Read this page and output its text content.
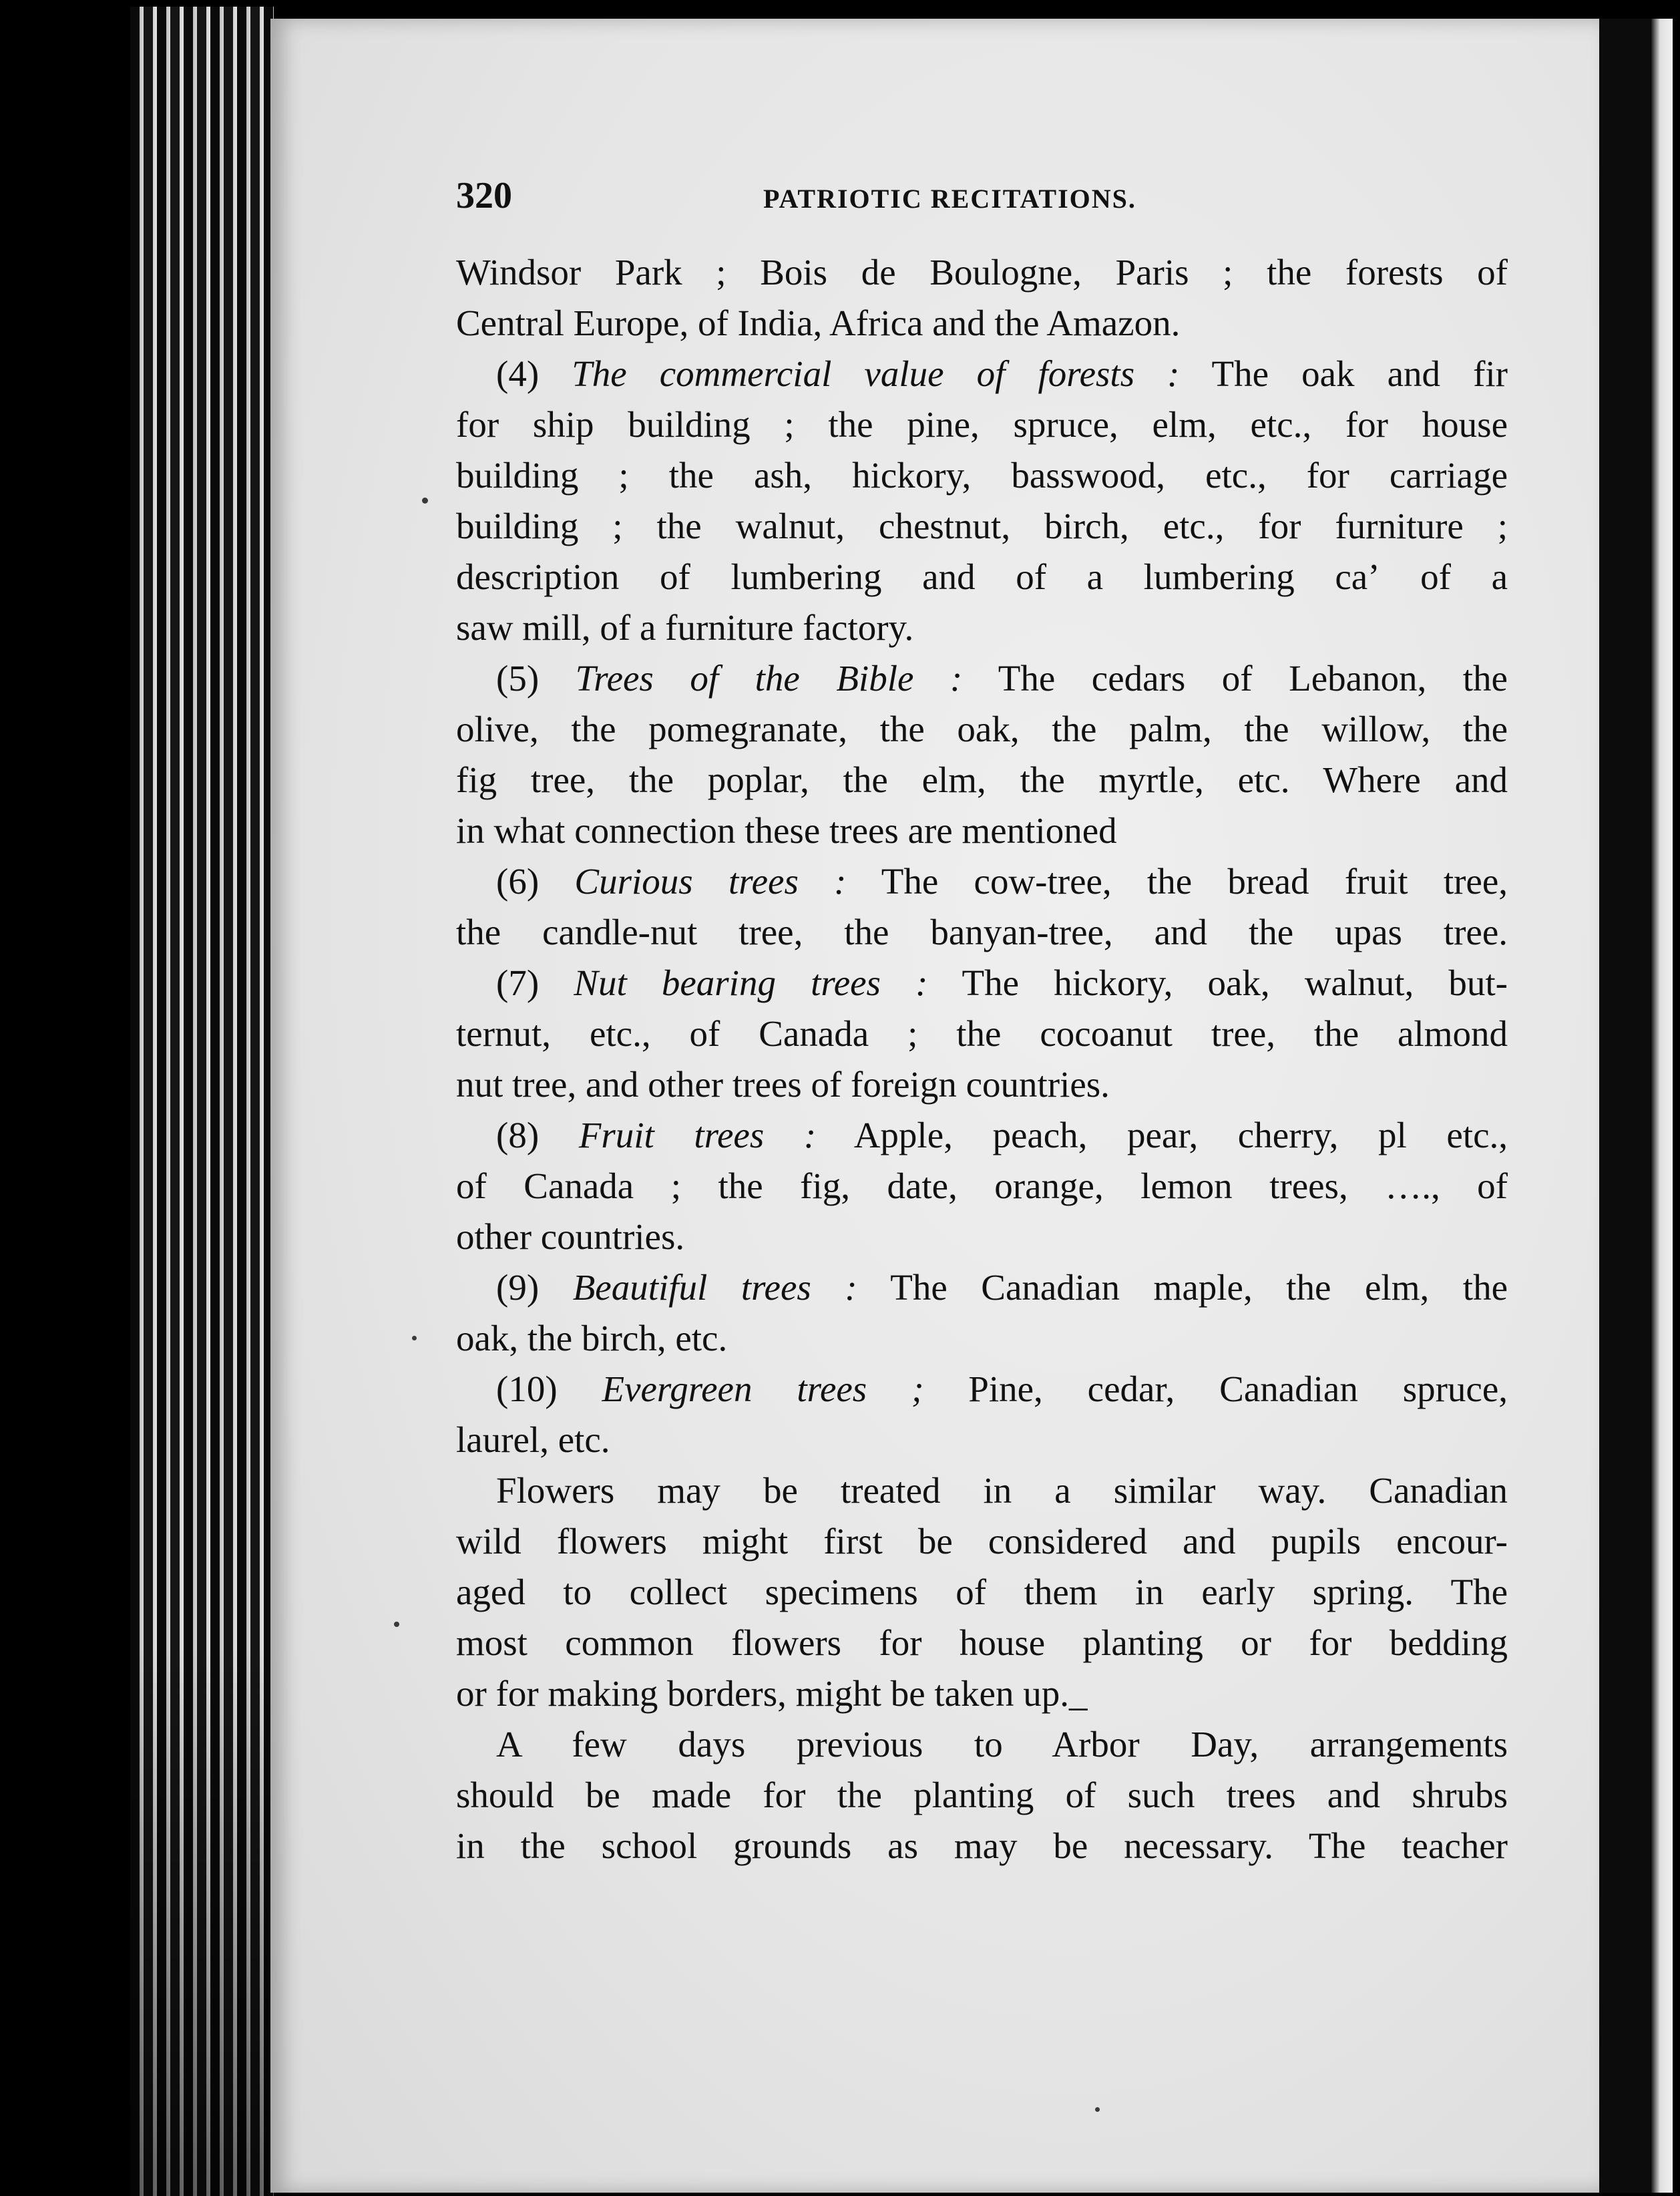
320	PATRIOTIC RECITATIONS.
Windsor Park ; Bois de Boulogne, Paris ; the forests of
Central Europe, of India, Africa and the Amazon.
(4) The commercial value of forests : The oak and fir
for ship building ; the pine, spruce, elm, etc., for house
building ; the ash, hickory, basswood, etc., for carriage
building ; the walnut, chestnut, birch, etc., for furniture ;
description of lumbering and of a lumbering caʼ of a
saw mill, of a furniture factory.
(5) Trees of the Bible : The cedars of Lebanon, the
olive, the pomegranate, the oak, the palm, the willow, the
fig tree, the poplar, the elm, the myrtle, etc. Where and
in what connection these trees are mentioned
(6) Curious trees : The cow-tree, the bread fruit tree,
the candle-nut tree, the banyan-tree, and the upas tree.
(7) Nut bearing trees : The hickory, oak, walnut, but-
ternut, etc., of Canada ; the cocoanut tree, the almond
nut tree, and other trees of foreign countries.
(8) Fruit trees : Apple, peach, pear, cherry, pl etc.,
of Canada ; the fig, date, orange, lemon trees, …., of
other countries.
(9) Beautiful trees : The Canadian maple, the elm, the
oak, the birch, etc.
(10) Evergreen trees ; Pine, cedar, Canadian spruce,
laurel, etc.
Flowers may be treated in a similar way. Canadian
wild flowers might first be considered and pupils encour-
aged to collect specimens of them in early spring. The
most common flowers for house planting or for bedding
or for making borders, might be taken up._
A few days previous to Arbor Day, arrangements
should be made for the planting of such trees and shrubs
in the school grounds as may be necessary. The teacher
